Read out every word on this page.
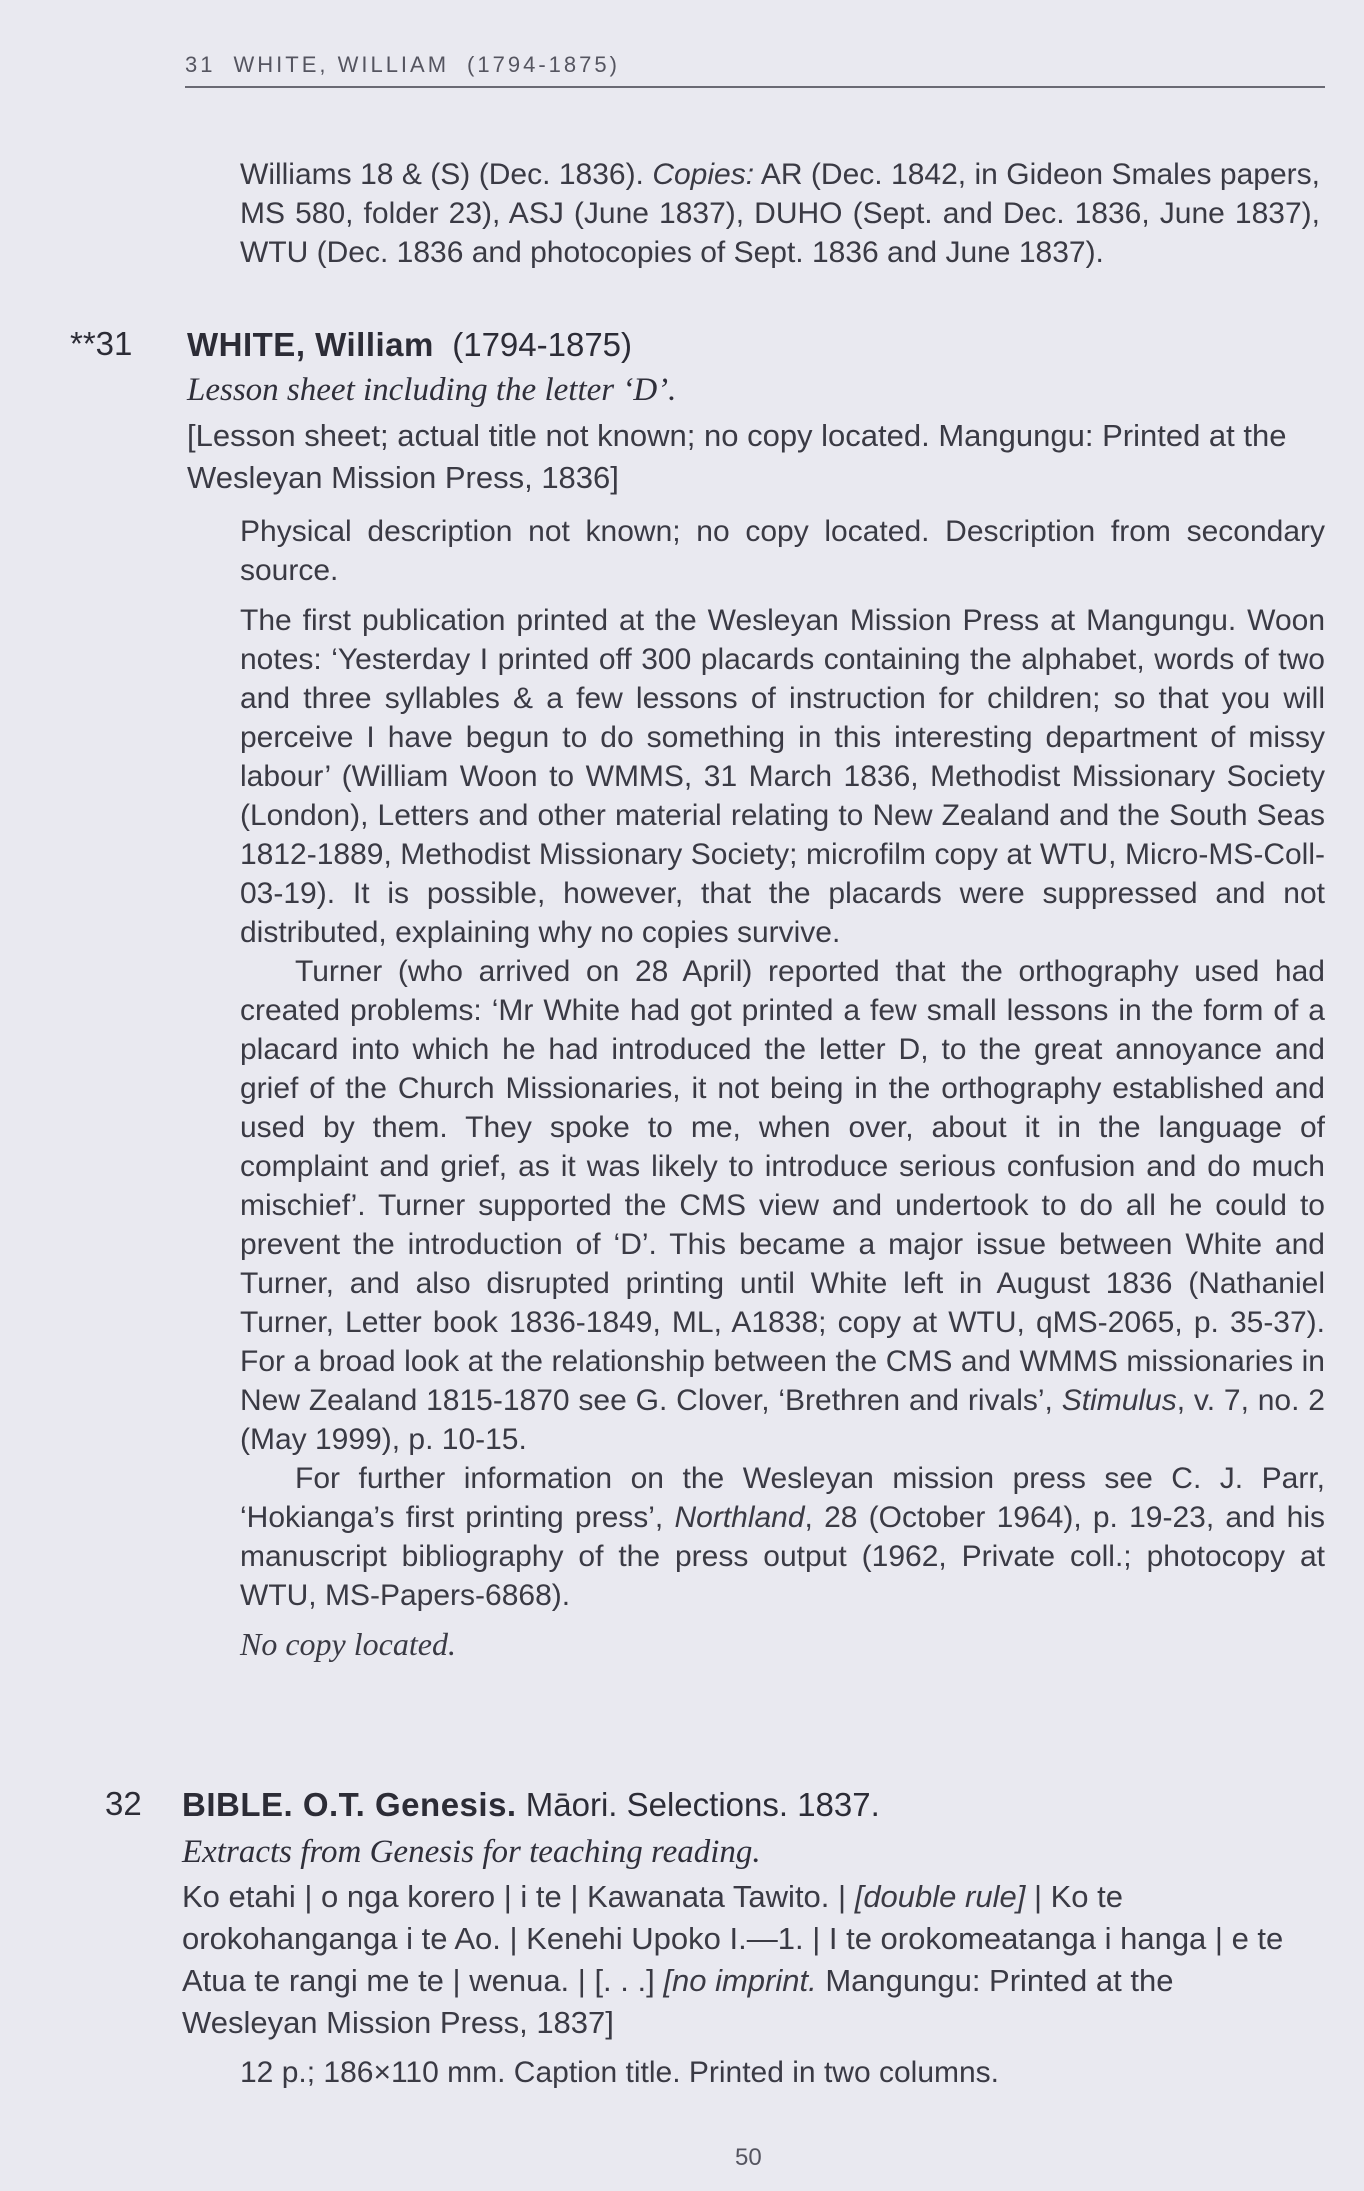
31 WHITE, WILLIAM (1794-1875)

Williams 18 & (S) (Dec. 1836). Copies: AR (Dec. 1842, in Gideon Smales papers, MS 580, folder 23), ASJ (June 1837), DUHO (Sept. and Dec. 1836, June 1837), WTU (Dec. 1836 and photocopies of Sept. 1836 and June 1837).

**31 WHITE, William (1794-1875)
Lesson sheet including the letter ‘D’.
[Lesson sheet; actual title not known; no copy located. Mangungu: Printed at the Wesleyan Mission Press, 1836]

Physical description not known; no copy located. Description from secondary source.

The first publication printed at the Wesleyan Mission Press at Mangungu. Woon notes: ‘Yesterday I printed off 300 placards containing the alphabet, words of two and three syllables & a few lessons of instruction for children; so that you will perceive I have begun to do something in this interesting department of missy labour’ (William Woon to WMMS, 31 March 1836, Methodist Missionary Society (London), Letters and other material relating to New Zealand and the South Seas 1812-1889, Methodist Missionary Society; microfilm copy at WTU, Micro-MS-Coll-03-19). It is possible, however, that the placards were suppressed and not distributed, explaining why no copies survive.

Turner (who arrived on 28 April) reported that the orthography used had created problems: ‘Mr White had got printed a few small lessons in the form of a placard into which he had introduced the letter D, to the great annoyance and grief of the Church Missionaries, it not being in the orthography established and used by them. They spoke to me, when over, about it in the language of complaint and grief, as it was likely to introduce serious confusion and do much mischief’. Turner supported the CMS view and undertook to do all he could to prevent the introduction of ‘D’. This became a major issue between White and Turner, and also disrupted printing until White left in August 1836 (Nathaniel Turner, Letter book 1836-1849, ML, A1838; copy at WTU, qMS-2065, p. 35-37). For a broad look at the relationship between the CMS and WMMS missionaries in New Zealand 1815-1870 see G. Clover, ‘Brethren and rivals’, Stimulus, v. 7, no. 2 (May 1999), p. 10-15.

For further information on the Wesleyan mission press see C. J. Parr, ‘Hokianga’s first printing press’, Northland, 28 (October 1964), p. 19-23, and his manuscript bibliography of the press output (1962, Private coll.; photocopy at WTU, MS-Papers-6868).

No copy located.

32 BIBLE. O.T. Genesis. Māori. Selections. 1837.
Extracts from Genesis for teaching reading.
Ko etahi | o nga korero | i te | Kawanata Tawito. | [double rule] | Ko te orokohanganga i te Ao. | Kenehi Upoko I.—1. | I te orokomeatanga i hanga | e te Atua te rangi me te | wenua. | [. . .] [no imprint. Mangungu: Printed at the Wesleyan Mission Press, 1837]
12 p.; 186×110 mm. Caption title. Printed in two columns.
50
